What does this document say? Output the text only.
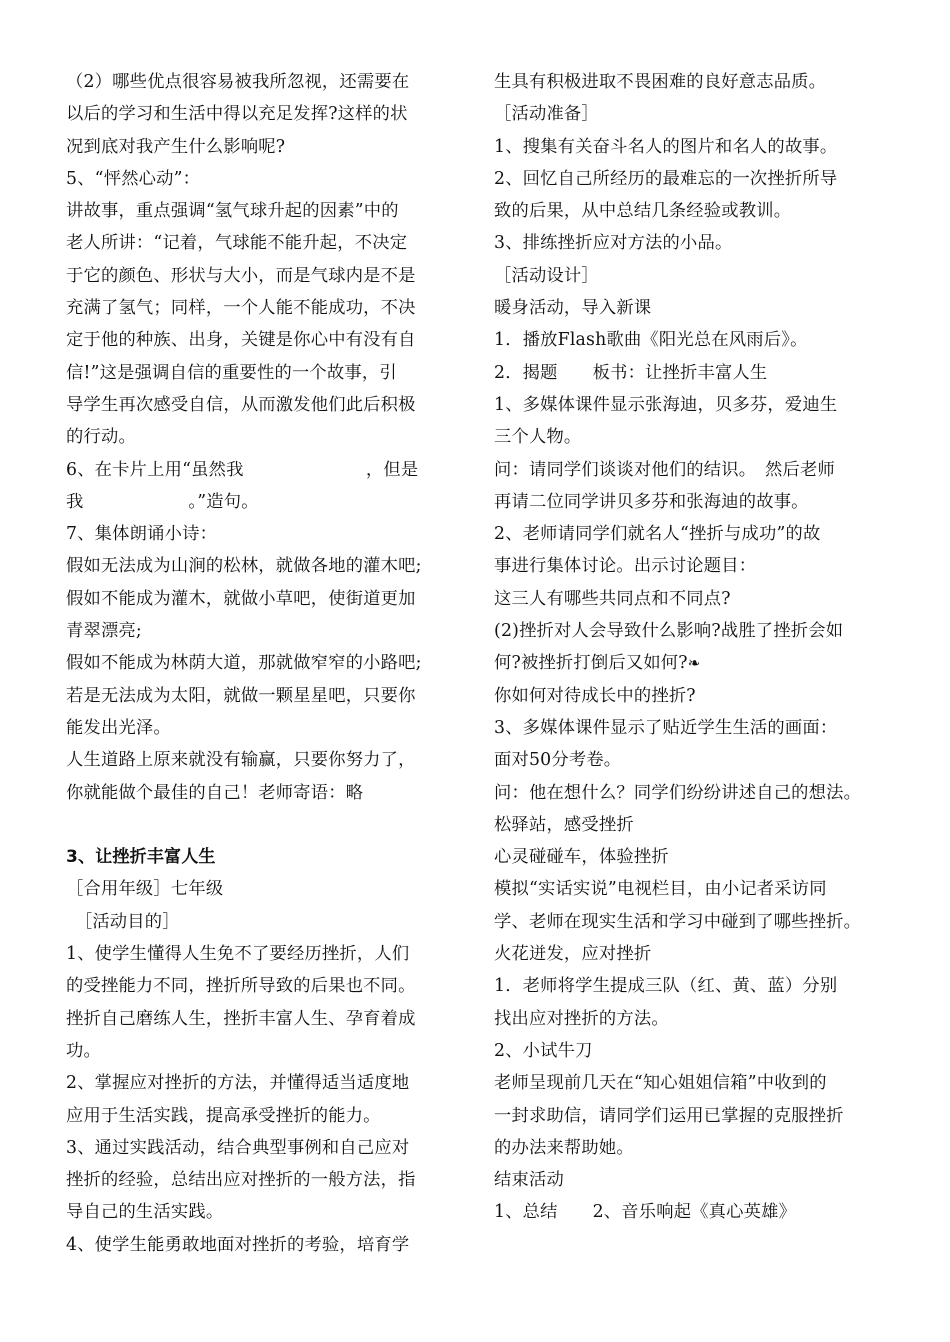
（2）哪些优点很容易被我所忽视，还需要在
以后的学习和生活中得以充足发挥?这样的状
况到底对我产生什么影响呢?
5、“怦然心动”：
讲故事，重点强调“氢气球升起的因素”中的
老人所讲：“记着，气球能不能升起，不决定
于它的颜色、形状与大小，而是气球内是不是
充满了氢气；同样，一个人能不能成功，不决
定于他的种族、出身，关键是你心中有没有自
信!”这是强调自信的重要性的一个故事，引
导学生再次感受自信，从而激发他们此后积极
的行动。
6、在卡片上用“虽然我　　　　　　　，但是
我　　　　　　。”造句。
7、集体朗诵小诗：
假如无法成为山涧的松林，就做各地的灌木吧;
假如不能成为灌木，就做小草吧，使街道更加
青翠漂亮;
假如不能成为林荫大道，那就做窄窄的小路吧;
若是无法成为太阳，就做一颗星星吧，只要你
能发出光泽。
人生道路上原来就没有输赢，只要你努力了，
你就能做个最佳的自己！老师寄语：略
3、让挫折丰富人生
［合用年级］七年级
　［活动目的］
1、使学生懂得人生免不了要经历挫折，人们
的受挫能力不同，挫折所导致的后果也不同。
挫折自己磨练人生，挫折丰富人生、孕育着成
功。
2、掌握应对挫折的方法，并懂得适当适度地
应用于生活实践，提高承受挫折的能力。
3、通过实践活动，结合典型事例和自己应对
挫折的经验，总结出应对挫折的一般方法，指
导自己的生活实践。
4、使学生能勇敢地面对挫折的考验，培育学
生具有积极进取不畏困难的良好意志品质。
［活动准备］
1、搜集有关奋斗名人的图片和名人的故事。
2、回忆自己所经历的最难忘的一次挫折所导
致的后果，从中总结几条经验或教训。
3、排练挫折应对方法的小品。
［活动设计］
暖身活动，导入新课
1．播放Flash歌曲《阳光总在风雨后》。
2．揭题　　板书：让挫折丰富人生
1、多媒体课件显示张海迪，贝多芬，爱迪生
三个人物。
问：请同学们谈谈对他们的结识。　然后老师
再请二位同学讲贝多芬和张海迪的故事。
2、老师请同学们就名人“挫折与成功”的故
事进行集体讨论。出示讨论题目：
这三人有哪些共同点和不同点?
(2)挫折对人会导致什么影响?战胜了挫折会如
何?被挫折打倒后又如何?❧
你如何对待成长中的挫折?
3、多媒体课件显示了贴近学生生活的画面：
面对50分考卷。
问：他在想什么？同学们纷纷讲述自己的想法。
松驿站，感受挫折
心灵碰碰车，体验挫折
模拟“实话实说”电视栏目，由小记者采访同
学、老师在现实生活和学习中碰到了哪些挫折。
火花迸发，应对挫折
1．老师将学生提成三队（红、黄、蓝）分别
找出应对挫折的方法。
2、小试牛刀
老师呈现前几天在“知心姐姐信箱”中收到的
一封求助信，请同学们运用已掌握的克服挫折
的办法来帮助她。
结束活动
1、总结　　2、音乐响起《真心英雄》
